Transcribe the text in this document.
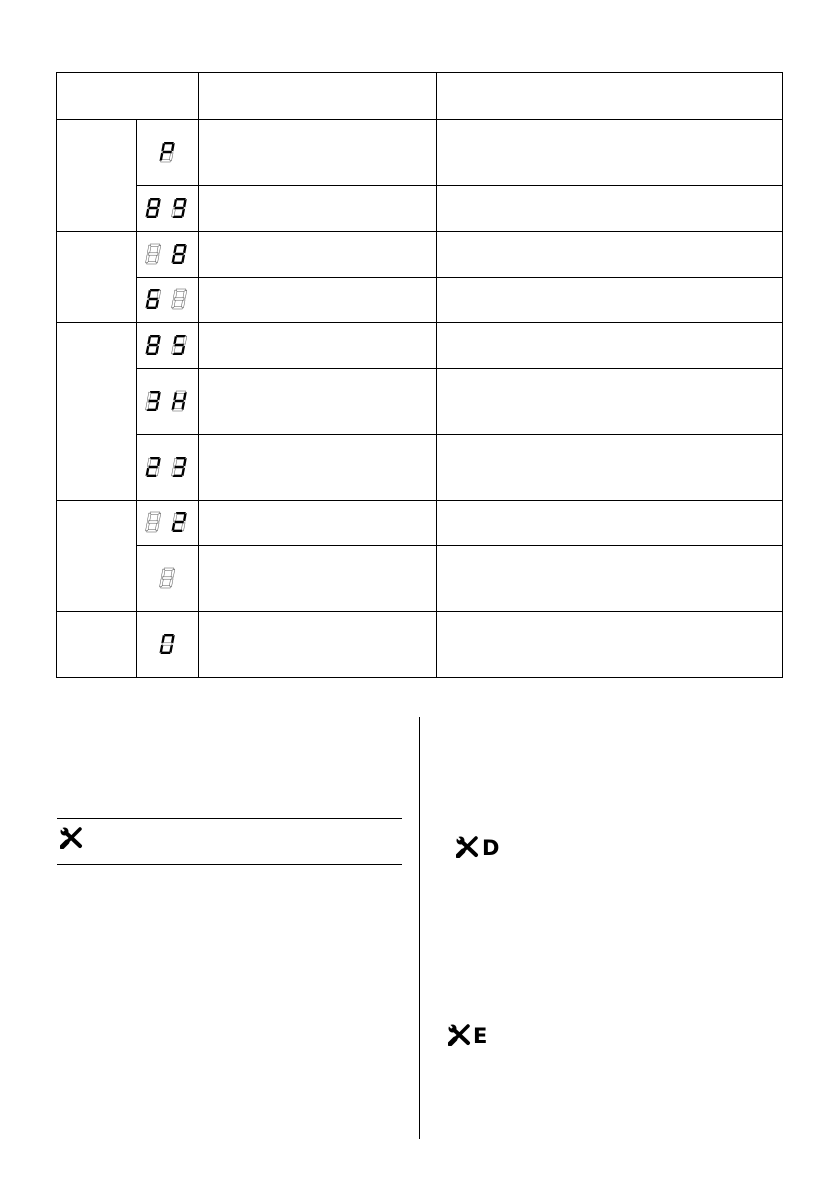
D
E
